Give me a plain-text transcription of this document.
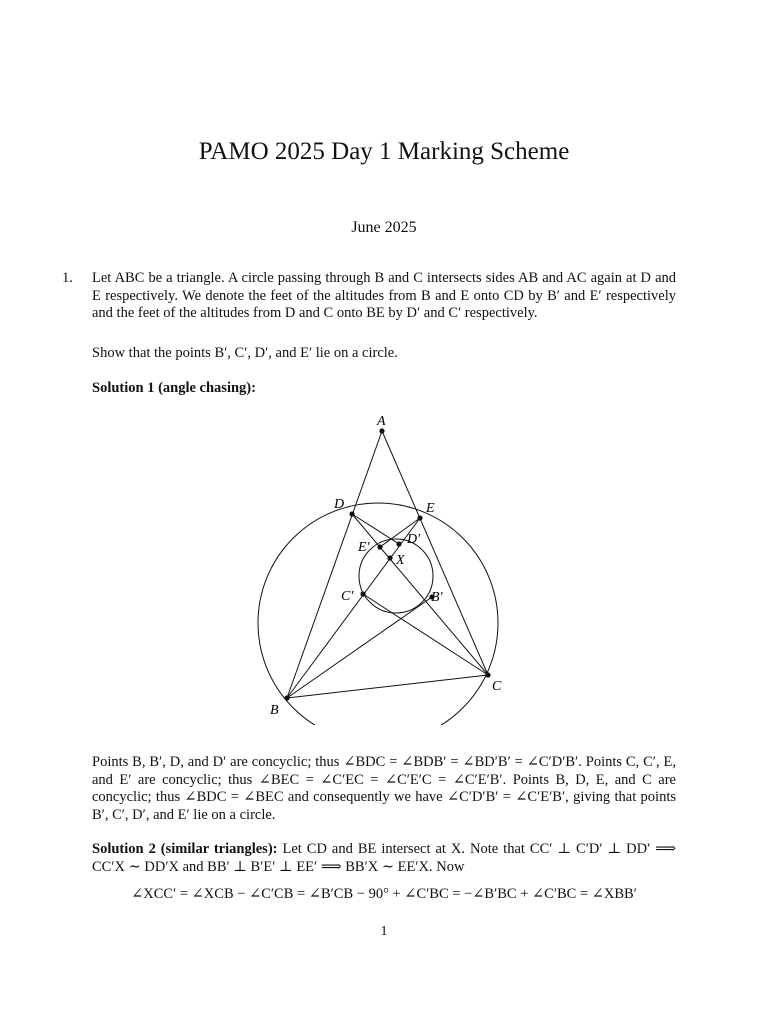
PAMO 2025 Day 1 Marking Scheme
June 2025
1. Let ABC be a triangle. A circle passing through B and C intersects sides AB and AC again at D and E respectively. We denote the feet of the altitudes from B and E onto CD by B′ and E′ respectively and the feet of the altitudes from D and C onto BE by D′ and C′ respectively.
Show that the points B′, C′, D′, and E′ lie on a circle.
Solution 1 (angle chasing):
A
B
C
D	E
X
E′
D′
C′	B′
Points B, B′, D, and D′ are concyclic; thus ∠BDC = ∠BDB′ = ∠BD′B′ = ∠C′D′B′. Points C, C′, E, and E′ are concyclic; thus ∠BEC = ∠C′EC = ∠C′E′C = ∠C′E′B′. Points B, D, E, and C are concyclic; thus ∠BDC = ∠BEC and consequently we have ∠C′D′B′ = ∠C′E′B′, giving that points B′, C′, D′, and E′ lie on a circle.
Solution 2 (similar triangles): Let CD and BE intersect at X. Note that CC′ ⊥ C′D′ ⊥ DD′ ⟹ CC′X ∼ DD′X and BB′ ⊥ B′E′ ⊥ EE′ ⟹ BB′X ∼ EE′X. Now
∠XCC′ = ∠XCB − ∠C′CB = ∠B′CB − 90° + ∠C′BC = −∠B′BC + ∠C′BC = ∠XBB′
1
